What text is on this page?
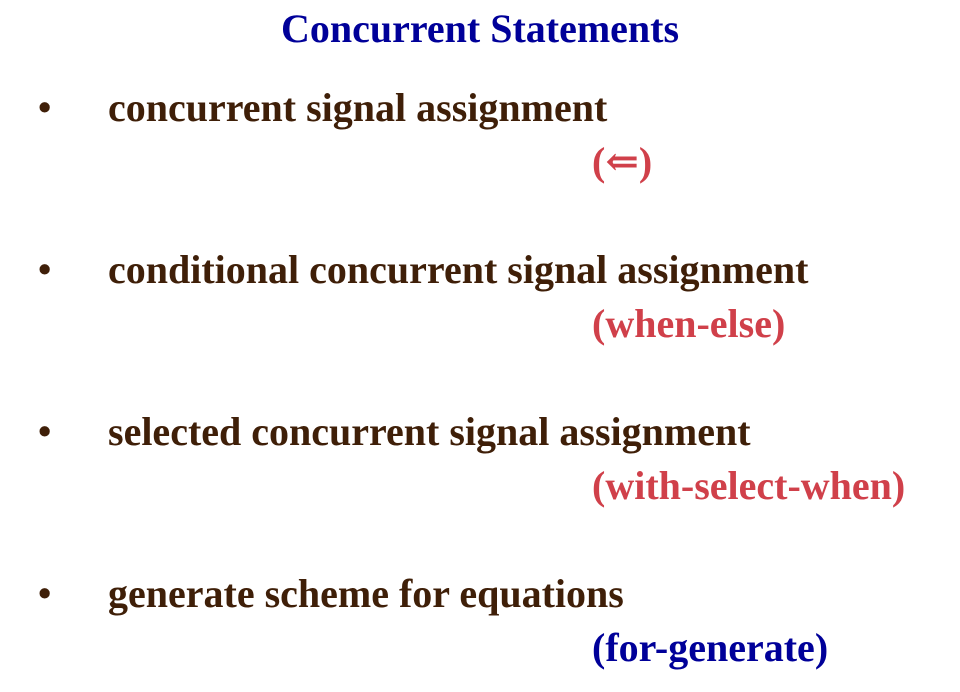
Concurrent Statements
• concurrent signal assignment
(⇐)
• conditional concurrent signal assignment
(when-else)
• selected concurrent signal assignment
(with-select-when)
• generate scheme for equations
(for-generate)
